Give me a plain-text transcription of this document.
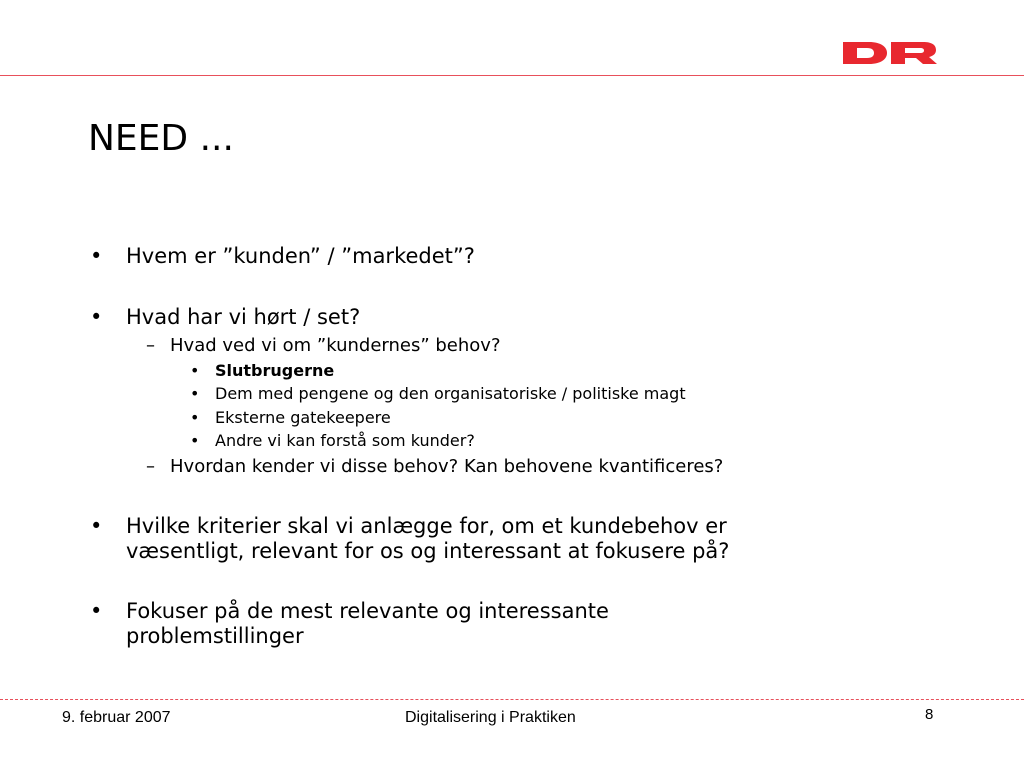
NEED ...
• Hvem er ”kunden” / ”markedet”?
• Hvad har vi hørt / set?
– Hvad ved vi om ”kundernes” behov?
• Slutbrugerne
• Dem med pengene og den organisatoriske / politiske magt
• Eksterne gatekeepere
• Andre vi kan forstå som kunder?
– Hvordan kender vi disse behov? Kan behovene kvantificeres?
• Hvilke kriterier skal vi anlægge for, om et kundebehov er
væsentligt, relevant for os og interessant at fokusere på?
• Fokuser på de mest relevante og interessante
problemstillinger
9. februar 2007	Digitalisering i Praktiken	8
